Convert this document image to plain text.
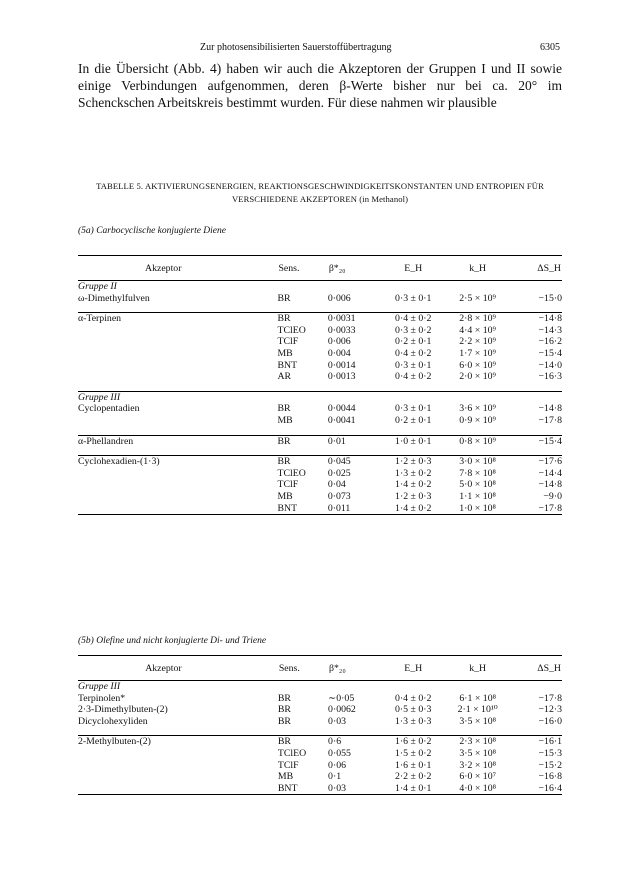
Zur photosensibilisierten Sauerstoffübertragung	6305
In die Übersicht (Abb. 4) haben wir auch die Akzeptoren der Gruppen I und II sowie einige Verbindungen aufgenommen, deren β-Werte bisher nur bei ca. 20° im Schenckschen Arbeitskreis bestimmt wurden. Für diese nahmen wir plausible
TABELLE 5. AKTIVIERUNGSENERGIEN, REAKTIONSGESCHWINDIGKEITSKONSTANTEN UND ENTROPIEN FÜR VERSCHIEDENE AKZEPTOREN (in Methanol)
(5a) Carbocyclische konjugierte Diene
Akzeptor	Sens.	β*₂₀	E_H	k_H	ΔS_H
Gruppe II					
ω-Dimethylfulven	BR	0·006	0·3 ± 0·1	2·5 × 10⁹	−15·0

α-Terpinen	BR	0·0031	0·4 ± 0·2	2·8 × 10⁹	−14·8
	TClEO	0·0033	0·3 ± 0·2	4·4 × 10⁹	−14·3
	TClF	0·006	0·2 ± 0·1	2·2 × 10⁹	−16·2
	MB	0·004	0·4 ± 0·2	1·7 × 10⁹	−15·4
	BNT	0·0014	0·3 ± 0·1	6·0 × 10⁹	−14·0
	AR	0·0013	0·4 ± 0·2	2·0 × 10⁹	−16·3

Gruppe III					
Cyclopentadien	BR	0·0044	0·3 ± 0·1	3·6 × 10⁹	−14·8
	MB	0·0041	0·2 ± 0·1	0·9 × 10⁹	−17·8

α-Phellandren	BR	0·01	1·0 ± 0·1	0·8 × 10⁹	−15·4

Cyclohexadien-(1·3)	BR	0·045	1·2 ± 0·3	3·0 × 10⁸	−17·6
	TClEO	0·025	1·3 ± 0·2	7·8 × 10⁸	−14·4
	TClF	0·04	1·4 ± 0·2	5·0 × 10⁸	−14·8
	MB	0·073	1·2 ± 0·3	1·1 × 10⁸	−9·0
	BNT	0·011	1·4 ± 0·2	1·0 × 10⁸	−17·8
(5b) Olefine und nicht konjugierte Di- und Triene
Akzeptor	Sens.	β*₂₀	E_H	k_H	ΔS_H
Gruppe III					
Terpinolen*	BR	∼0·05	0·4 ± 0·2	6·1 × 10⁸	−17·8
2·3-Dimethylbuten-(2)	BR	0·0062	0·5 ± 0·3	2·1 × 10¹⁰	−12·3
Dicyclohexyliden	BR	0·03	1·3 ± 0·3	3·5 × 10⁸	−16·0

2-Methylbuten-(2)	BR	0·6	1·6 ± 0·2	2·3 × 10⁸	−16·1
	TClEO	0·055	1·5 ± 0·2	3·5 × 10⁸	−15·3
	TClF	0·06	1·6 ± 0·1	3·2 × 10⁸	−15·2
	MB	0·1	2·2 ± 0·2	6·0 × 10⁷	−16·8
	BNT	0·03	1·4 ± 0·1	4·0 × 10⁸	−16·4
